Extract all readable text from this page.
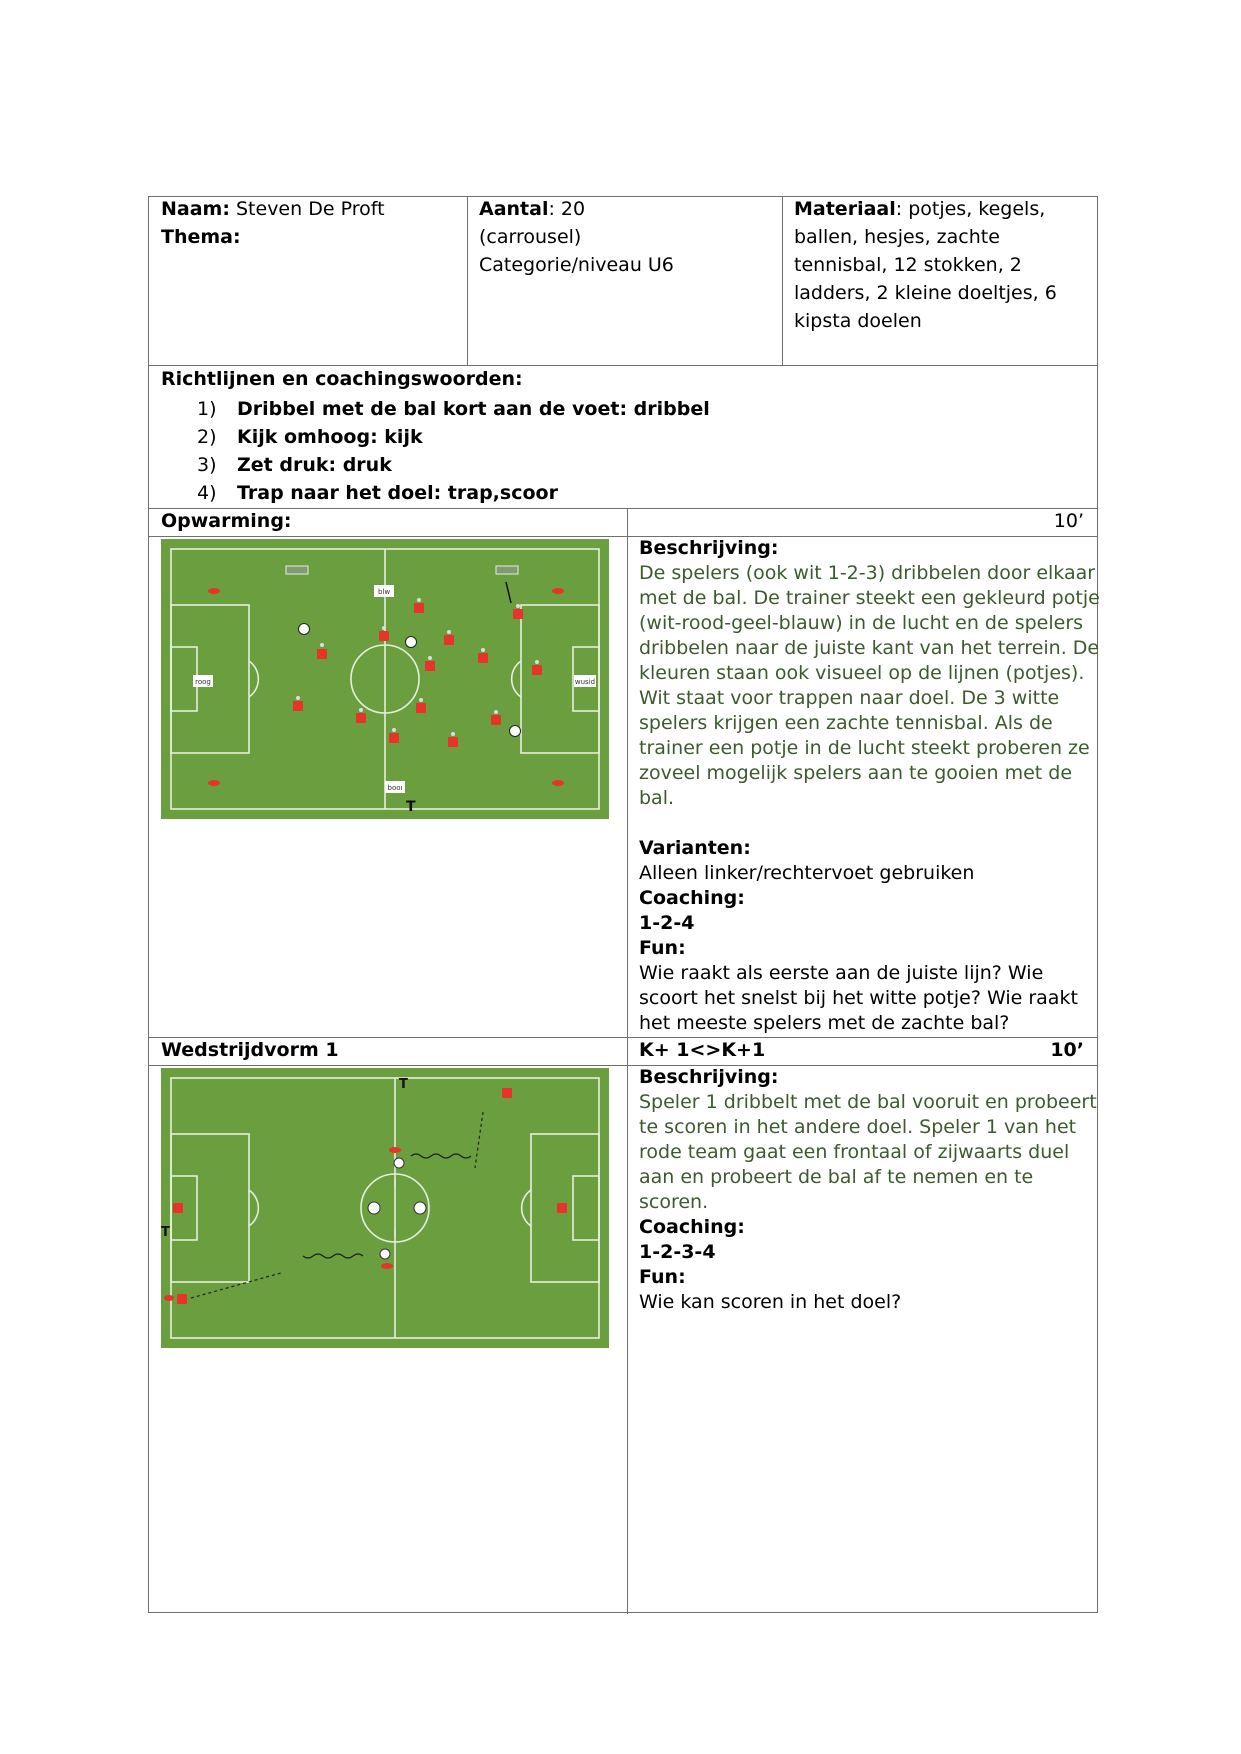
Naam: Steven De Proft
Thema:
Aantal: 20
(carrousel)
Categorie/niveau U6
Materiaal: potjes, kegels,
ballen, hesjes, zachte
tennisbal, 12 stokken, 2
ladders, 2 kleine doeltjes, 6
kipsta doelen
Richtlijnen en coachingswoorden:
1)	Dribbel met de bal kort aan de voet: dribbel
2)	Kijk omhoog: kijk
3)	Zet druk: druk
4)	Trap naar het doel: trap,scoor
Opwarming:	10’
blw
roog	wusid
booı
T
Beschrijving:
De spelers (ook wit 1-2-3) dribbelen door elkaar
met de bal. De trainer steekt een gekleurd potje
(wit-rood-geel-blauw) in de lucht en de spelers
dribbelen naar de juiste kant van het terrein. De
kleuren staan ook visueel op de lijnen (potjes).
Wit staat voor trappen naar doel. De 3 witte
spelers krijgen een zachte tennisbal. Als de
trainer een potje in de lucht steekt proberen ze
zoveel mogelijk spelers aan te gooien met de
bal.
Varianten:
Alleen linker/rechtervoet gebruiken
Coaching:
1-2-4
Fun:
Wie raakt als eerste aan de juiste lijn? Wie
scoort het snelst bij het witte potje? Wie raakt
het meeste spelers met de zachte bal?
Wedstrijdvorm 1	K+ 1<>K+1	10’
T
T
Beschrijving:
Speler 1 dribbelt met de bal vooruit en probeert
te scoren in het andere doel. Speler 1 van het
rode team gaat een frontaal of zijwaarts duel
aan en probeert de bal af te nemen en te
scoren.
Coaching:
1-2-3-4
Fun:
Wie kan scoren in het doel?
